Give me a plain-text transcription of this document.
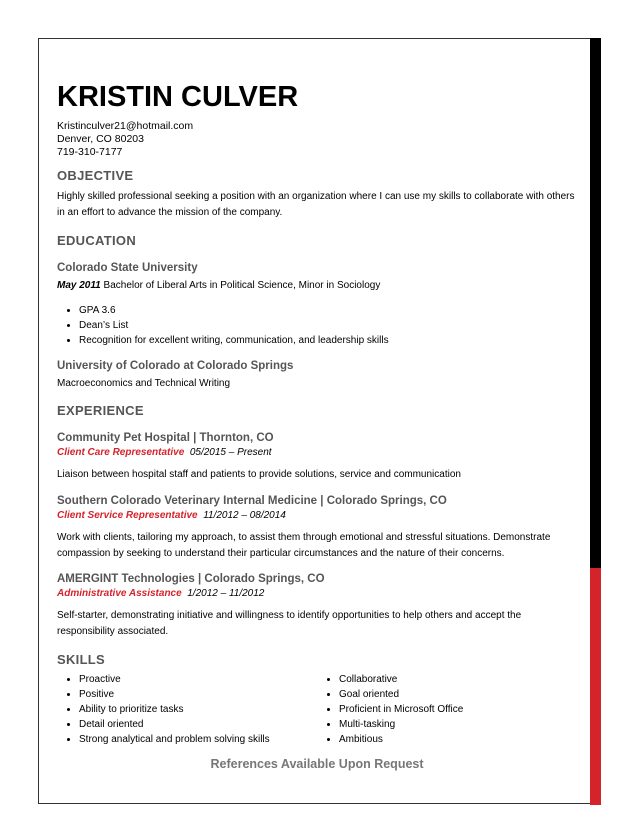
KRISTIN CULVER
Kristinculver21@hotmail.com
Denver, CO 80203
719-310-7177
OBJECTIVE
Highly skilled professional seeking a position with an organization where I can use my skills to collaborate with others in an effort to advance the mission of the company.
EDUCATION
Colorado State University
May 2011 Bachelor of Liberal Arts in Political Science, Minor in Sociology
• GPA 3.6
• Dean’s List
• Recognition for excellent writing, communication, and leadership skills
University of Colorado at Colorado Springs
Macroeconomics and Technical Writing
EXPERIENCE
Community Pet Hospital | Thornton, CO
Client Care Representative 05/2015 – Present
Liaison between hospital staff and patients to provide solutions, service and communication
Southern Colorado Veterinary Internal Medicine | Colorado Springs, CO
Client Service Representative 11/2012 – 08/2014
Work with clients, tailoring my approach, to assist them through emotional and stressful situations. Demonstrate compassion by seeking to understand their particular circumstances and the nature of their concerns.
AMERGINT Technologies | Colorado Springs, CO
Administrative Assistance 1/2012 – 11/2012
Self-starter, demonstrating initiative and willingness to identify opportunities to help others and accept the responsibility associated.
SKILLS
• Proactive
• Positive
• Ability to prioritize tasks
• Detail oriented
• Strong analytical and problem solving skills
• Collaborative
• Goal oriented
• Proficient in Microsoft Office
• Multi-tasking
• Ambitious
References Available Upon Request
